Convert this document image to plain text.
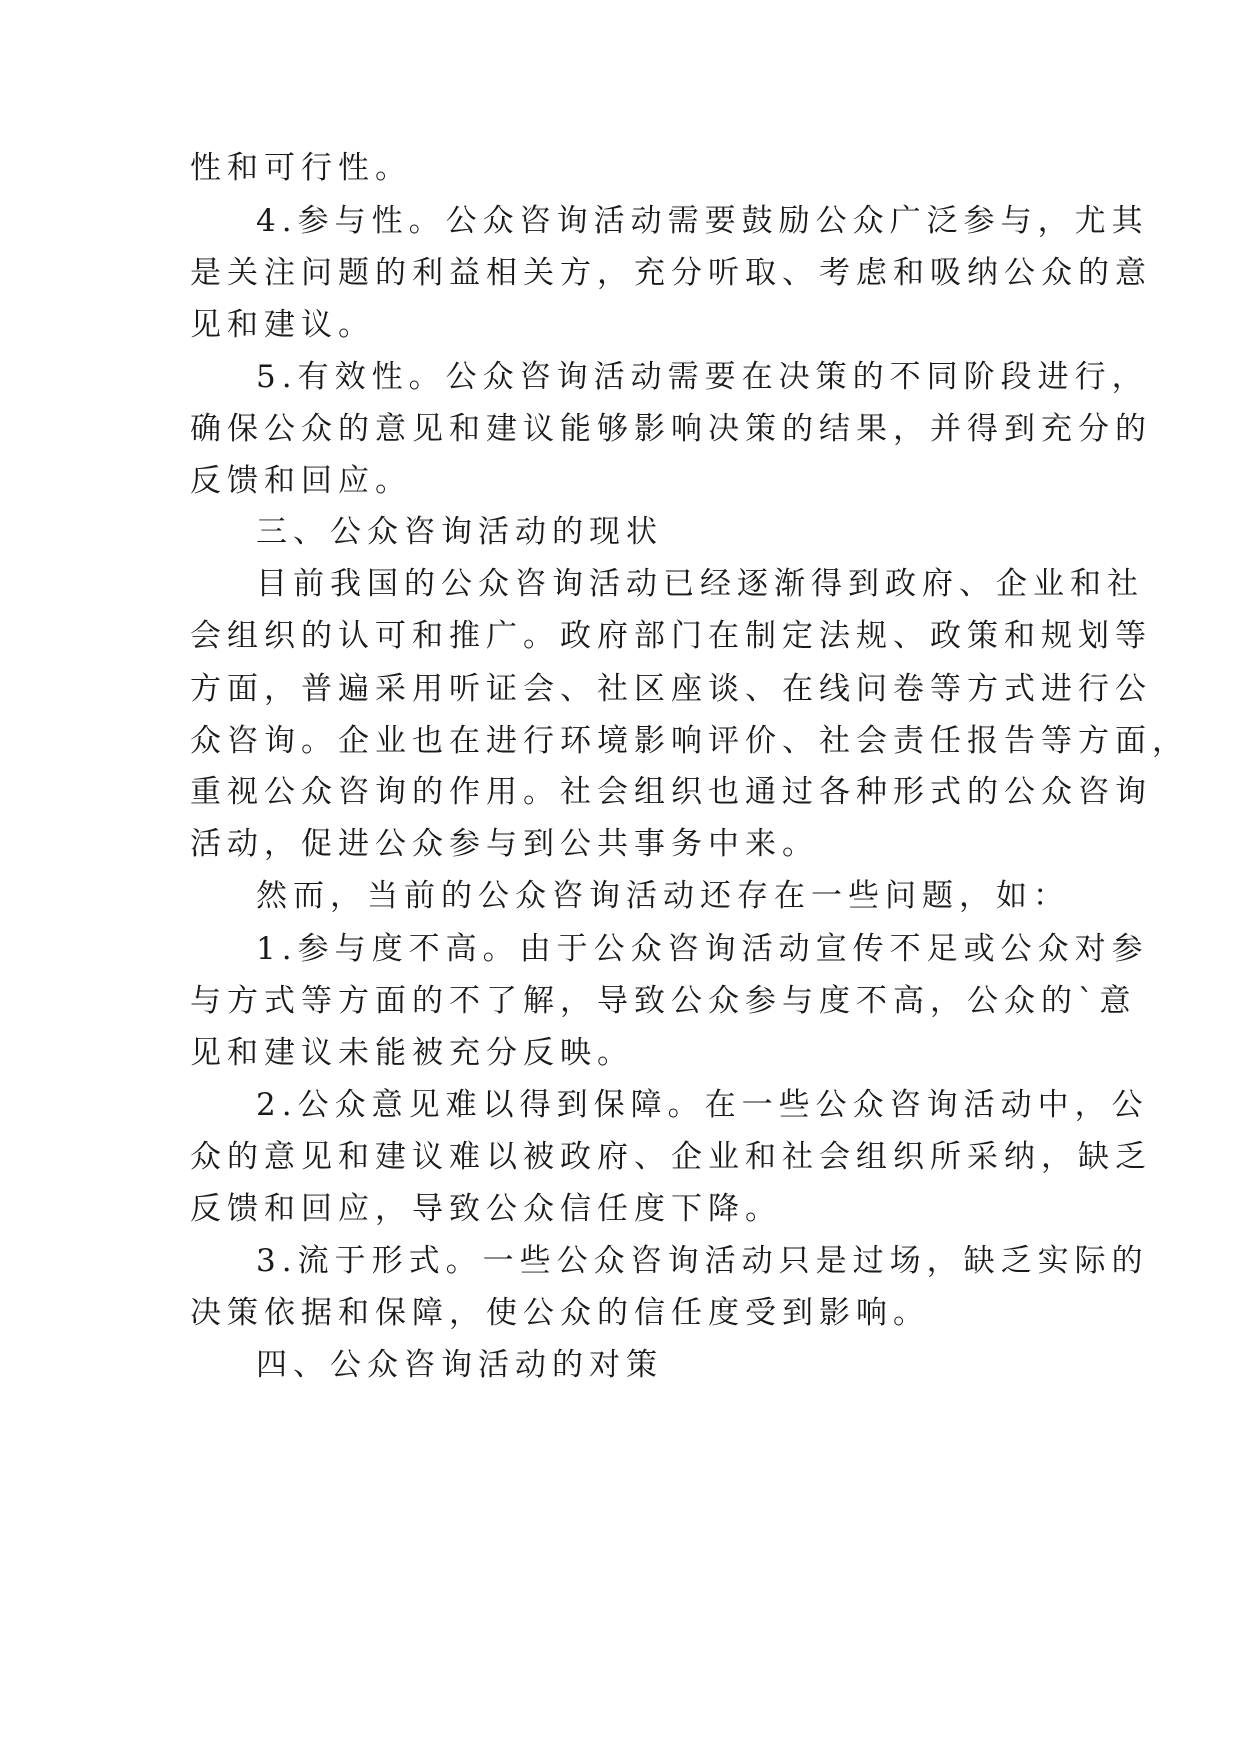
性和可行性。
4.参与性。公众咨询活动需要鼓励公众广泛参与，尤其
是关注问题的利益相关方，充分听取、考虑和吸纳公众的意
见和建议。
5.有效性。公众咨询活动需要在决策的不同阶段进行，
确保公众的意见和建议能够影响决策的结果，并得到充分的
反馈和回应。
三、公众咨询活动的现状
目前我国的公众咨询活动已经逐渐得到政府、企业和社
会组织的认可和推广。政府部门在制定法规、政策和规划等
方面，普遍采用听证会、社区座谈、在线问卷等方式进行公
众咨询。企业也在进行环境影响评价、社会责任报告等方面，
重视公众咨询的作用。社会组织也通过各种形式的公众咨询
活动，促进公众参与到公共事务中来。
然而，当前的公众咨询活动还存在一些问题，如：
1.参与度不高。由于公众咨询活动宣传不足或公众对参
与方式等方面的不了解，导致公众参与度不高，公众的`意
见和建议未能被充分反映。
2.公众意见难以得到保障。在一些公众咨询活动中，公
众的意见和建议难以被政府、企业和社会组织所采纳，缺乏
反馈和回应，导致公众信任度下降。
3.流于形式。一些公众咨询活动只是过场，缺乏实际的
决策依据和保障，使公众的信任度受到影响。
四、公众咨询活动的对策
